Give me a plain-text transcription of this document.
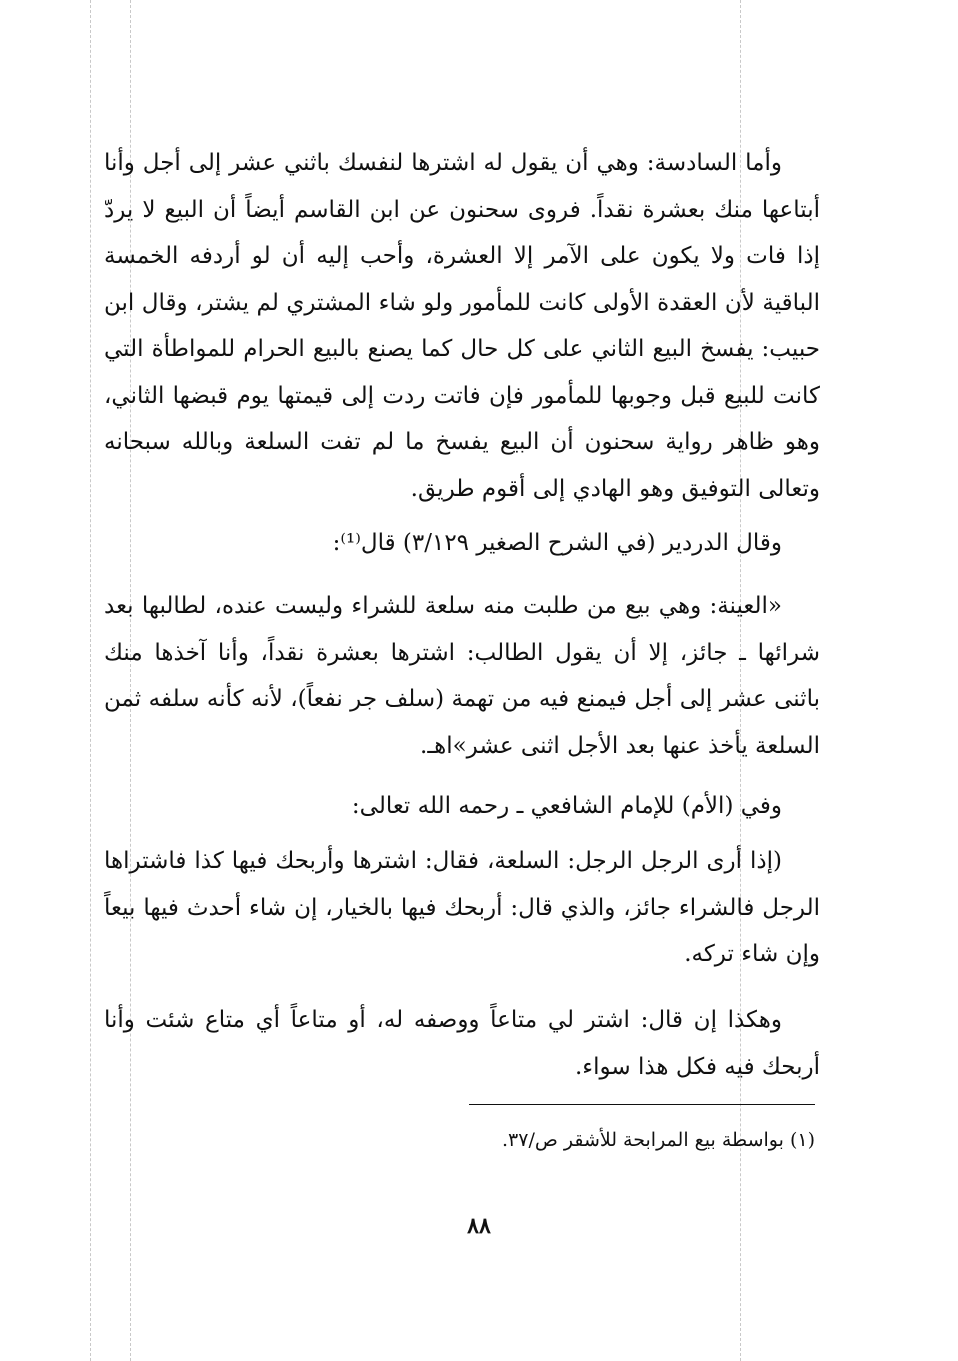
وأما السادسة: وهي أن يقول له اشترها لنفسك باثني عشر إلى أجل وأنا أبتاعها منك بعشرة نقداً. فروى سحنون عن ابن القاسم أيضاً أن البيع لا يردّ إذا فات ولا يكون على الآمر إلا العشرة، وأحب إليه أن لو أردفه الخمسة الباقية لأن العقدة الأولى كانت للمأمور ولو شاء المشتري لم يشتر، وقال ابن حبيب: يفسخ البيع الثاني على كل حال كما يصنع بالبيع الحرام للمواطأة التي كانت للبيع قبل وجوبها للمأمور فإن فاتت ردت إلى قيمتها يوم قبضها الثاني، وهو ظاهر رواية سحنون أن البيع يفسخ ما لم تفت السلعة وبالله سبحانه وتعالى التوفيق وهو الهادي إلى أقوم طريق.

وقال الدردير (في الشرح الصغير ٣/١٢٩) قال⁽¹⁾:

«العينة: وهي بيع من طلبت منه سلعة للشراء وليست عنده، لطالبها بعد شرائها ـ جائز، إلا أن يقول الطالب: اشترها بعشرة نقداً، وأنا آخذها منك باثنى عشر إلى أجل فيمنع فيه من تهمة (سلف جر نفعاً)، لأنه كأنه سلفه ثمن السلعة يأخذ عنها بعد الأجل اثنى عشر»اهـ.

وفي (الأم) للإمام الشافعي ـ رحمه الله تعالى:

(إذا أرى الرجل الرجل: السلعة، فقال: اشترها وأربحك فيها كذا فاشتراها الرجل فالشراء جائز، والذي قال: أربحك فيها بالخيار، إن شاء أحدث فيها بيعاً وإن شاء تركه.

وهكذا إن قال: اشتر لي متاعاً ووصفه له، أو متاعاً أي متاع شئت وأنا أربحك فيه فكل هذا سواء.

(١) بواسطة بيع المرابحة للأشقر ص/٣٧.
٨٨
